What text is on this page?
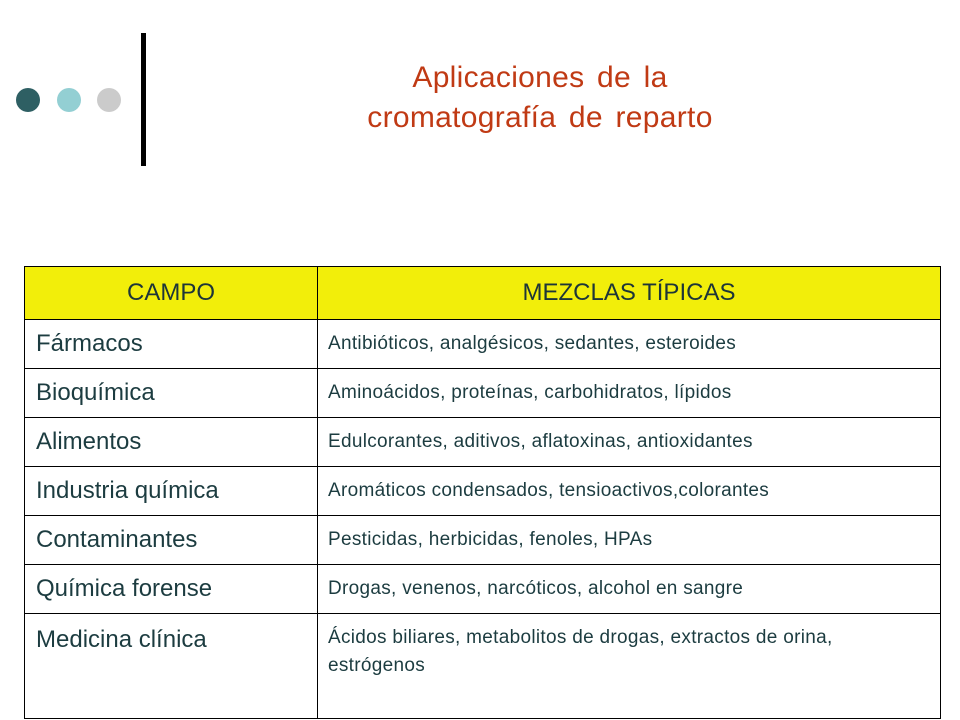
Aplicaciones de la
cromatografía de reparto
CAMPO	MEZCLAS TÍPICAS
Fármacos	Antibióticos, analgésicos, sedantes, esteroides
Bioquímica	Aminoácidos, proteínas, carbohidratos, lípidos
Alimentos	Edulcorantes, aditivos, aflatoxinas, antioxidantes
Industria química	Aromáticos condensados, tensioactivos,colorantes
Contaminantes	Pesticidas, herbicidas, fenoles, HPAs
Química forense	Drogas, venenos, narcóticos, alcohol en sangre
Medicina clínica	Ácidos biliares, metabolitos de drogas, extractos de orina, estrógenos
